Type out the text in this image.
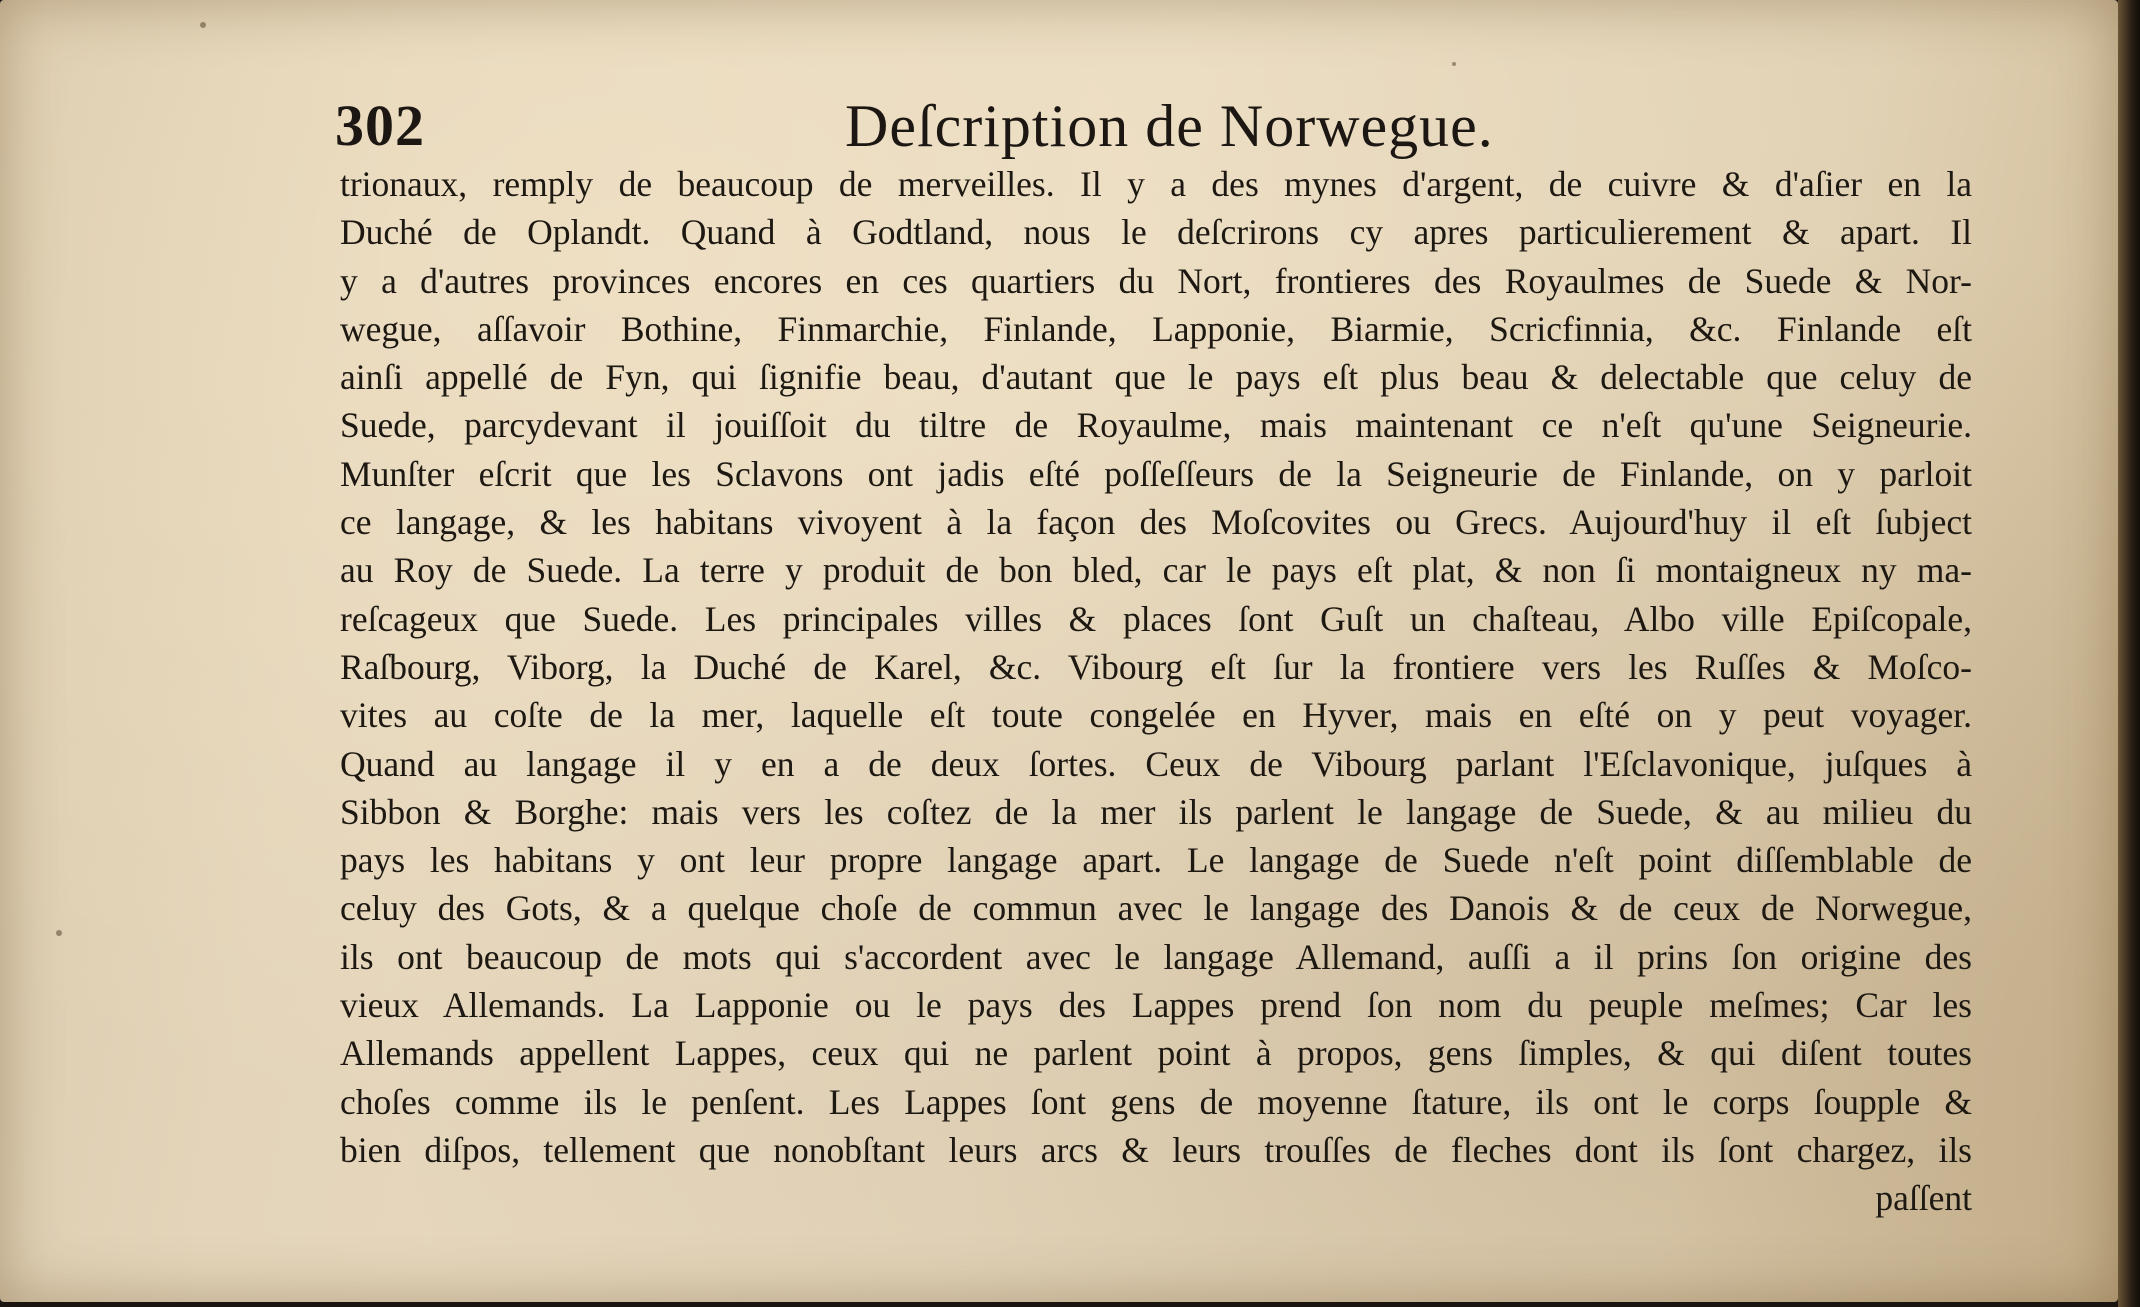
302	Deſcription de Norwegue.
trionaux, remply de beaucoup de merveilles. Il y a des mynes d'argent, de cuivre & d'aſier en la
Duché de Oplandt. Quand à Godtland, nous le deſcrirons cy apres particulierement & apart. Il
y a d'autres provinces encores en ces quartiers du Nort, frontieres des Royaulmes de Suede & Nor-
wegue, aſſavoir Bothine, Finmarchie, Finlande, Lapponie, Biarmie, Scricfinnia, &c. Finlande eſt
ainſi appellé de Fyn, qui ſignifie beau, d'autant que le pays eſt plus beau & delectable que celuy de
Suede, parcydevant il jouiſſoit du tiltre de Royaulme, mais maintenant ce n'eſt qu'une Seigneurie.
Munſter eſcrit que les Sclavons ont jadis eſté poſſeſſeurs de la Seigneurie de Finlande, on y parloit
ce langage, & les habitans vivoyent à la façon des Moſcovites ou Grecs. Aujourd'huy il eſt ſubject
au Roy de Suede. La terre y produit de bon bled, car le pays eſt plat, & non ſi montaigneux ny ma-
reſcageux que Suede. Les principales villes & places ſont Guſt un chaſteau, Albo ville Epiſcopale,
Raſbourg, Viborg, la Duché de Karel, &c. Vibourg eſt ſur la frontiere vers les Ruſſes & Moſco-
vites au coſte de la mer, laquelle eſt toute congelée en Hyver, mais en eſté on y peut voyager.
Quand au langage il y en a de deux ſortes. Ceux de Vibourg parlant l'Eſclavonique, juſques à
Sibbon & Borghe: mais vers les coſtez de la mer ils parlent le langage de Suede, & au milieu du
pays les habitans y ont leur propre langage apart. Le langage de Suede n'eſt point diſſemblable de
celuy des Gots, & a quelque choſe de commun avec le langage des Danois & de ceux de Norwegue,
ils ont beaucoup de mots qui s'accordent avec le langage Allemand, auſſi a il prins ſon origine des
vieux Allemands. La Lapponie ou le pays des Lappes prend ſon nom du peuple meſmes; Car les
Allemands appellent Lappes, ceux qui ne parlent point à propos, gens ſimples, & qui diſent toutes
choſes comme ils le penſent. Les Lappes ſont gens de moyenne ſtature, ils ont le corps ſoupple &
bien diſpos, tellement que nonobſtant leurs arcs & leurs trouſſes de fleches dont ils ſont chargez, ils
paſſent
